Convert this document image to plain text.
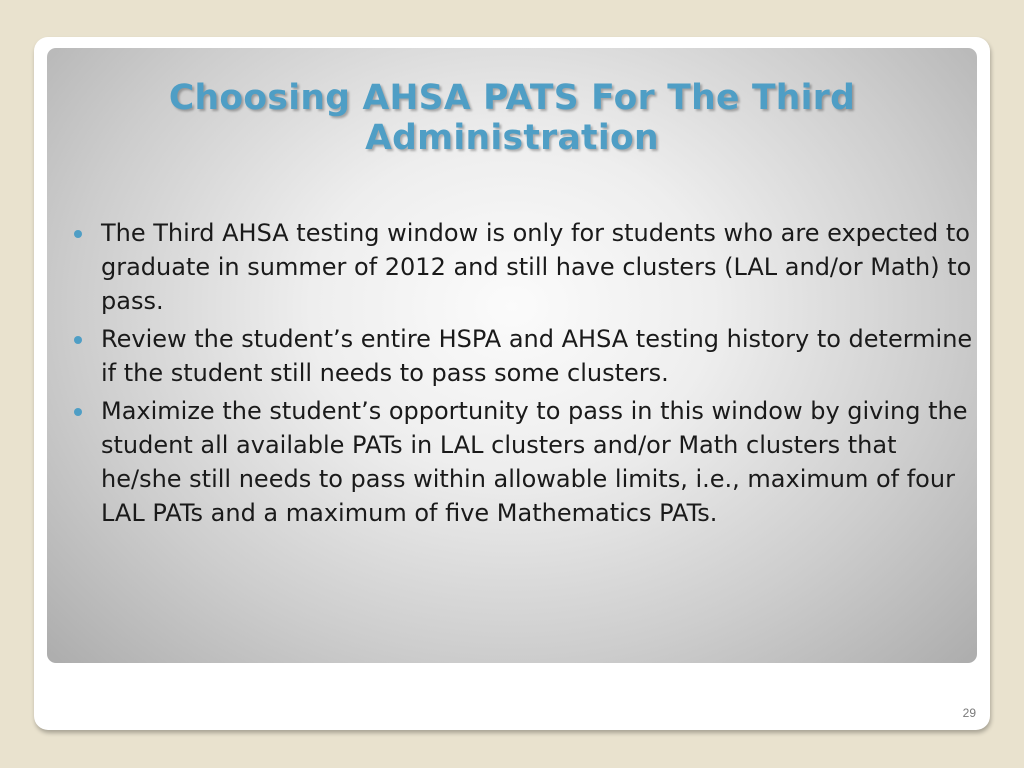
Choosing AHSA PATS For The Third Administration
The Third AHSA testing window is only for students who are expected to graduate in summer of 2012 and still have clusters (LAL and/or Math) to pass.
Review the student’s entire HSPA and AHSA testing history to determine if the student still needs to pass some clusters.
Maximize the student’s opportunity to pass in this window by giving the student all available PATs in LAL clusters and/or Math clusters that he/she still needs to pass within allowable limits, i.e., maximum of four LAL PATs and a maximum of five Mathematics PATs.
29
